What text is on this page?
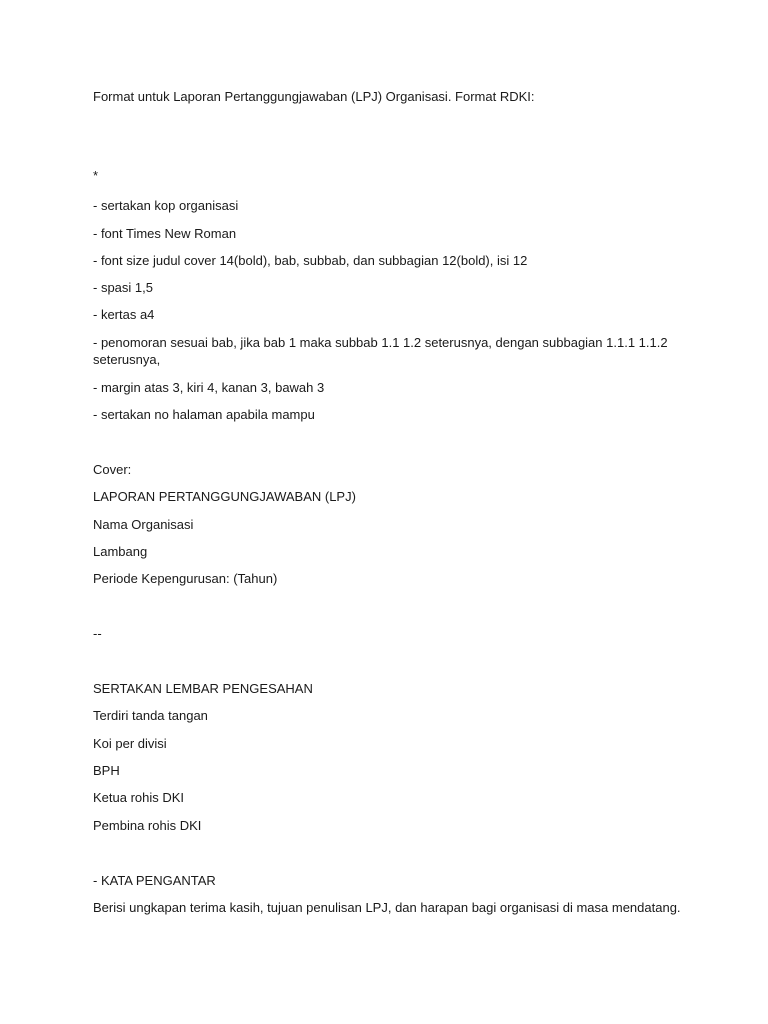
Format untuk Laporan Pertanggungjawaban (LPJ) Organisasi. Format RDKI:
*
- sertakan kop organisasi
- font Times New Roman
- font size judul cover 14(bold), bab, subbab, dan subbagian 12(bold), isi 12
- spasi 1,5
- kertas a4
- penomoran sesuai bab, jika bab 1 maka subbab 1.1 1.2 seterusnya, dengan subbagian 1.1.1 1.1.2 seterusnya,
- margin atas 3, kiri 4, kanan 3, bawah 3
- sertakan no halaman apabila mampu
Cover:
LAPORAN PERTANGGUNGJAWABAN (LPJ)
Nama Organisasi
Lambang
Periode Kepengurusan: (Tahun)
--
SERTAKAN LEMBAR PENGESAHAN
Terdiri tanda tangan
Koi per divisi
BPH
Ketua rohis DKI
Pembina rohis DKI
- KATA PENGANTAR
Berisi ungkapan terima kasih, tujuan penulisan LPJ, dan harapan bagi organisasi di masa mendatang.
